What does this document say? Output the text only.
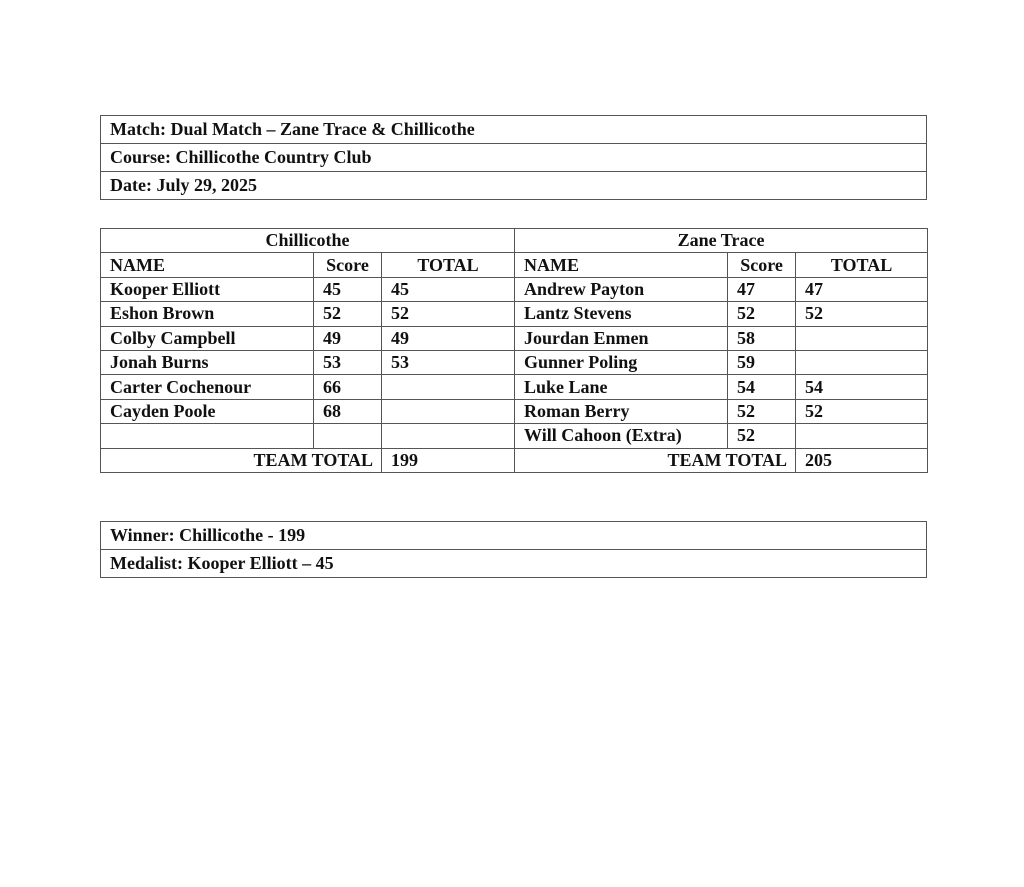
Match: Dual Match – Zane Trace & Chillicothe
Course: Chillicothe Country Club
Date: July 29, 2025
Chillicothe			Zane Trace		
NAME	Score	TOTAL	NAME	Score	TOTAL
Kooper Elliott	45	45	Andrew Payton	47	47
Eshon Brown	52	52	Lantz Stevens	52	52
Colby Campbell	49	49	Jourdan Enmen	58	
Jonah Burns	53	53	Gunner Poling	59	
Carter Cochenour	66		Luke Lane	54	54
Cayden Poole	68		Roman Berry	52	52
			Will Cahoon (Extra)	52	
TEAM TOTAL		199	TEAM TOTAL		205
Winner: Chillicothe - 199
Medalist: Kooper Elliott – 45
